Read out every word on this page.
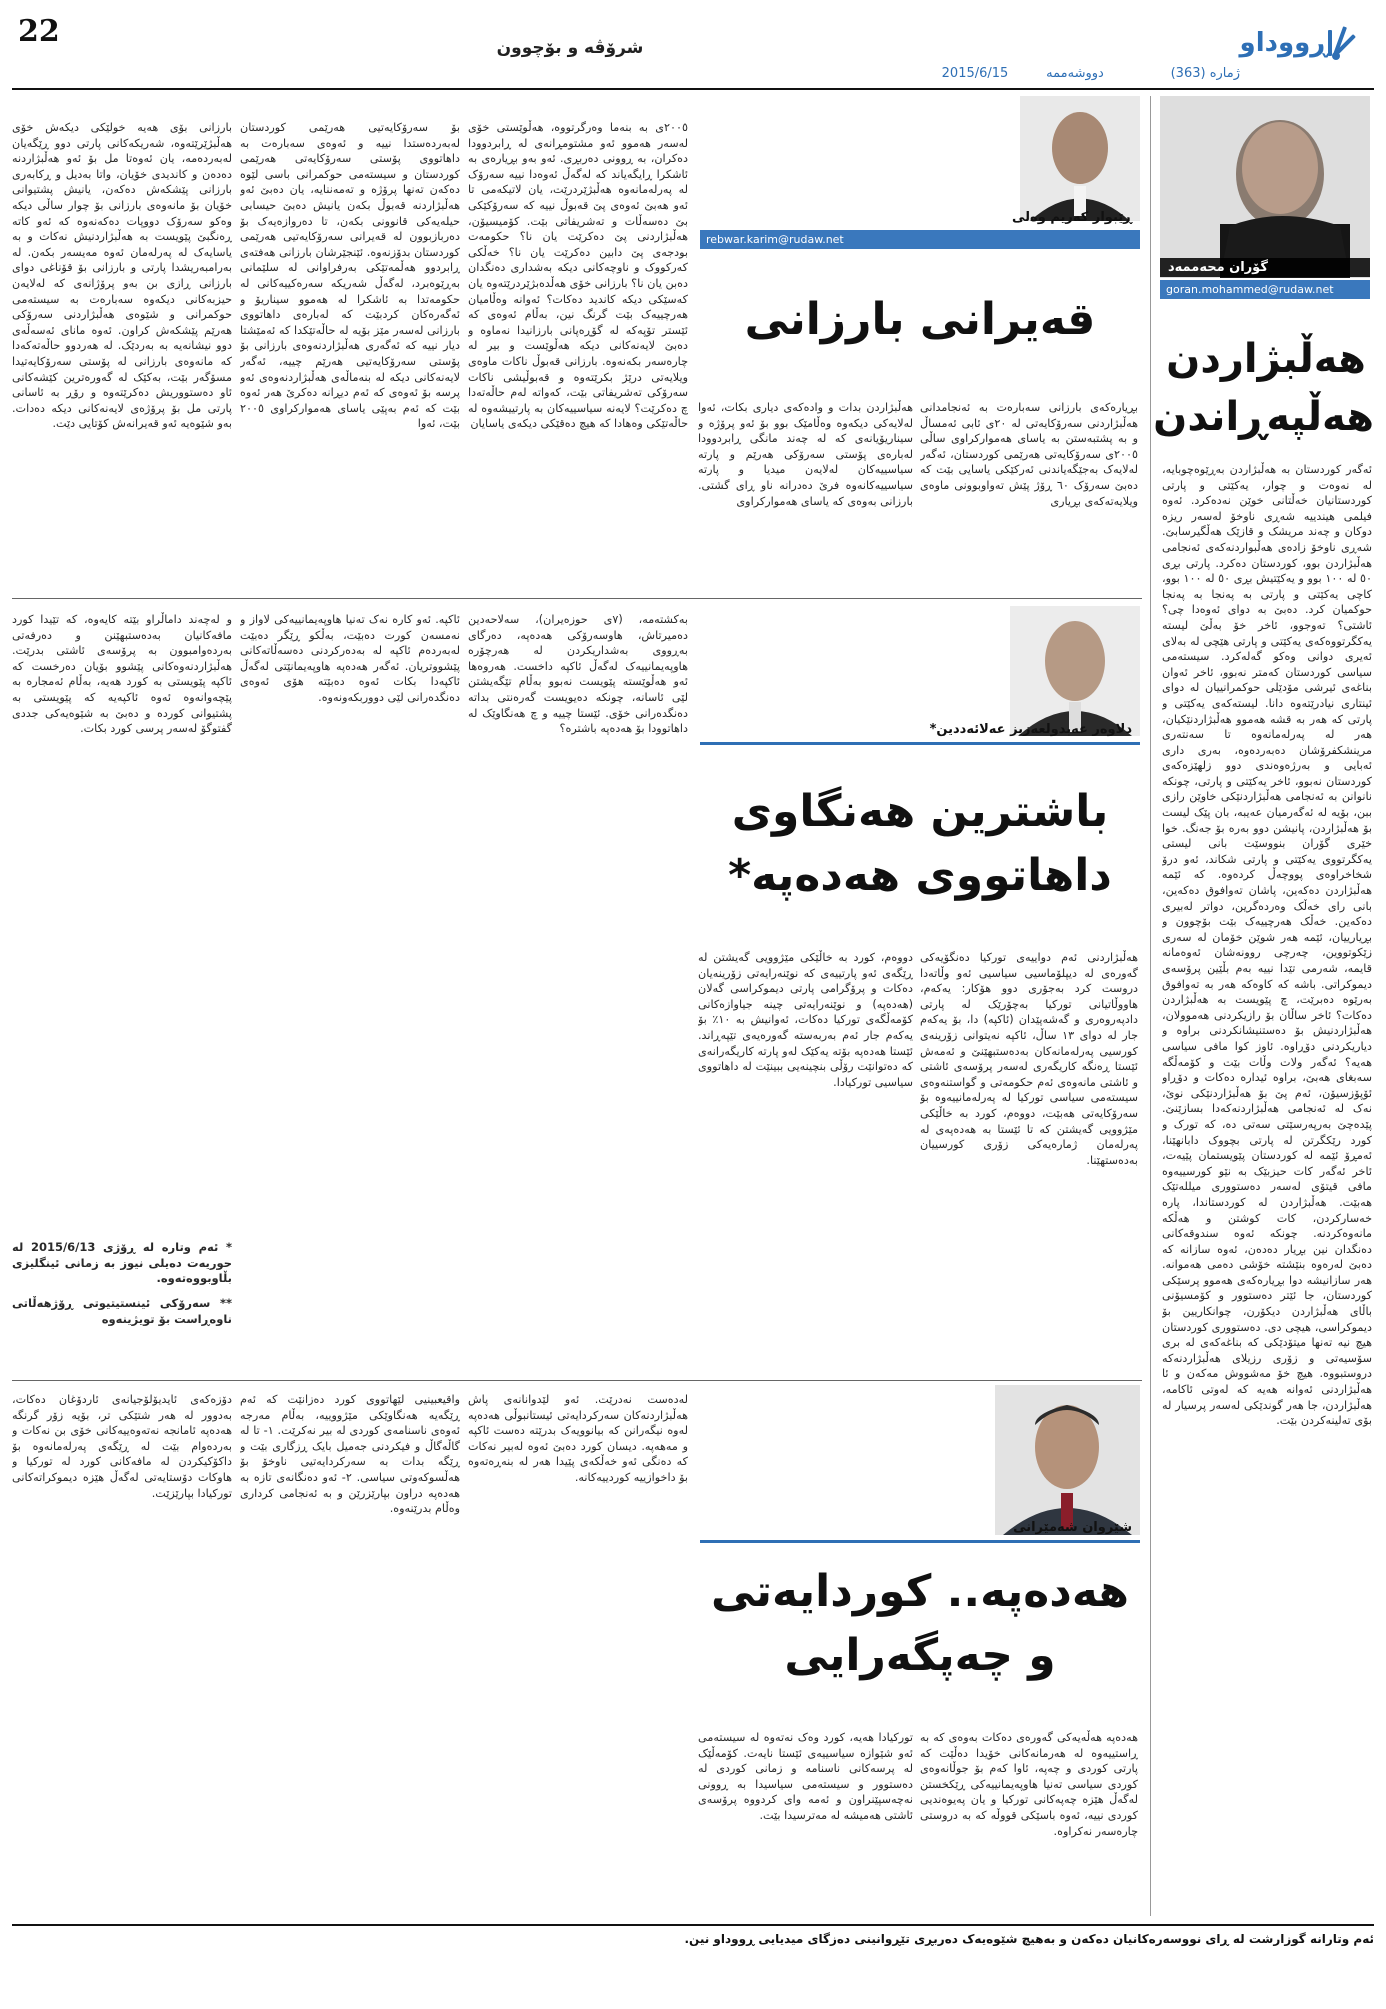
22	شرۆڤە و بۆچوون	ڕووداو
ژمارە (363)
دووشەممە
2015/6/15
گۆران محەممەد
goran.mohammed@rudaw.net
هەڵبژاردن
هەڵپەڕاندن
ئەگەر کوردستان بە هەڵبژاردن بەڕێوەچوبایە، لە نەوەت و چوار، یەکێتی و پارتی کوردستانیان خەڵتانی خوێن نەدەکرد. ئەوە فیلمی هیندییە شەڕی ناوخۆ لەسەر ریزە دوکان و چەند مریشک و قازێک هەڵگیرسابێ. شەڕی ناوخۆ زادەی هەڵبواردنەکەی ئەنجامی هەڵبژاردن بوو، کوردستان دەکرد. پارتی بڕی ٥٠ لە ١٠٠ بوو و یەکێتیش بڕی ٥٠ لە ١٠٠ بوو، کاچی یەکێتی و پارتی بە پەنجا بە پەنجا حوکمیان کرد. دەبێ بە دوای ئەوەدا چی؟ ئاشتی؟ تەوجوو، ئاخر خۆ بەڵێ لیستە یەکگرتووەکەی یەکێتی و پارتی هێچی لە بەلای ئەیری دوانی وەکو گەلەکرد. سیستەمی سیاسی کوردستان کەمتر نەبوو، ئاخر ئەوان بناغەی ئیرشی مۆدێلی حوکمرانییان لە دوای ئینتاری نیادرێتەوە دانا. لیستەکەی یەکێتی و پارتی کە هەر بە قشە هەموو هەڵبژاردنێکیان، هەر لە پەرلەمانەوە تا سەنتەری مرینشکفرۆشان دەبەردەوە، بەری داری ئەبایی و بەرژەوەندی دوو زلهێزەکەی کوردستان نەبوو، ئاخر یەکێتی و پارتی، چونکە نانوانن بە ئەنجامی هەڵبژاردنێکی خاوێن رازی ببن، بۆیە لە ئەگەرمیان عەیبە، بان پێک لیست بۆ هەڵبژاردن، پانیشن دوو بەرە بۆ جەنگ. خوا خێری گۆران بنووسێت بانی لیستی یەکگرتووی یەکێتی و پارتی شکاند، ئەو درۆ شخاخراوەی پووچەڵ کردەوە. کە ئێمە هەڵبژاردن دەکەین، پاشان تەوافوق دەکەین، بانی رای خەڵک وەردەگرین، دواتر لەبیری دەکەین. خەڵک هەرچییەک بێت بۆچوون و بڕیارییان، ئێمە هەر شوێن خۆمان لە سەری زێکوتووین، چەرچی روونەشان ئەوەمانە قایمە، شەرمی تێدا نییە بەم بڵێین پرۆسەی دیموکراتی. باشە کە کاوەکە هەر بە تەوافوق بەرێوە دەبرێت، چ پێویست بە هەڵبژاردن دەکات؟ ئاخر ساڵان بۆ رازیکردنی هەموولان، هەڵبژاردنیش بۆ دەستنیشانکردنی براوە و دیاریکردنی دۆڕاوە. ئاوز کوا مافی سیاسی هەیە؟ ئەگەر ولات وڵات بێت و کۆمەڵگە سەبغای هەبێ، براوە ئیدارە دەکات و دۆڕاو ئۆپۆزسیۆن، ئەم پێ بۆ هەڵبژاردنێکی نوێ، نەک لە ئەنجامی هەڵبژاردنەکەدا بسازێنێ. پێدەچێ بەرپەرسێتی سەتی دە، کە تورک و کورد رێکگرتن لە پارتی بچووک دابانهێنا، ئەمڕۆ ئێمە لە کوردستان پێویستمان پێیەت، ئاخر ئەگەر کات حیزبێک بە نێو کورسییەوە مافی قیتۆی لەسەر دەستووری میللەتێک هەبێت. هەڵبژاردن لە کوردستاندا، پارە خەسارکردن، کات کوشتن و هەڵکە مانەوەکردنە. چونکە ئەوە سندوقەکانی دەنگدان نین بڕیار دەدەن، ئەوە سازانە کە دەبێ لەرەوە بنێشتە خۆشی دەمی هەموانە. هەر سازانیشە دوا بڕیارەکەی هەموو پرسێکی کوردستان، جا ئێتر دەستوور و کۆمسیۆنی باڵای هەڵبژاردن دیکۆرن، چوانکاریین بۆ دیموکراسی، هیچی دی. دەستووری کوردستان هیچ نیە تەنها میتۆدێکی کە بناغەکەی لە بری سۆسیەتی و زۆری رزیلای هەڵبژاردنەکە دروستبووە. هیچ خۆ مەشووش مەکەن و ئا هەڵبژاردنی ئەوانە هەیە کە لەوتی ئاکامە، هەڵبژاردن، جا هەر گوندێکی لەسەر پرسیار لە بۆی تەلینەکردن بێت.
ڕێبوار کەریم وەلی
rebwar.karim@rudaw.net
قەیرانی بارزانی
بڕیارەکەی بارزانی سەبارەت بە ئەنجامدانی هەڵبژاردنی سەرۆکایەتی لە ٢٠ی ئابی ئەمساڵ و بە پشتبەستن بە یاسای هەموارکراوی ساڵی ٢٠٠٥ی سەرۆکایەتی هەرێمی کوردستان، ئەگەر لەلایەک بەجێگەیاندنی ئەرکێکی یاسایی بێت کە دەبێ سەرۆک ٦٠ ڕۆژ پێش تەواوبوونی ماوەی ویلایەتەکەی بڕیاری
هەڵبژاردن بدات و وادەکەی دیاری بکات، ئەوا لەلایەکی دیکەوە وەڵامێک بوو بۆ ئەو پرۆژە و سیناریۆیانەی کە لە چەند مانگی ڕابردوودا لەبارەی پۆستی سەرۆکی هەرێم و پارتە سیاسییەکان لەلایەن میدیا و پارتە سیاسییەکانەوە فرێ دەدرانە ناو ڕای گشتی. بارزانی بەوەی کە یاسای هەموارکراوی
٢٠٠٥ی بە بنەما وەرگرتووە، هەڵوێستی خۆی لەسەر هەموو ئەو مشتومڕانەی لە ڕابردوودا دەکران، بە ڕوونی دەربڕی. ئەو بەو بڕیارەی بە ئاشکرا ڕایگەیاند کە لەگەڵ ئەوەدا نییە سەرۆک لە پەرلەمانەوە هەڵبژێردرێت، یان لاتیکەمی تا ئەو هەبێ ئەوەی پێ قەبوڵ نییە کە سەرۆکێکی بێ دەسەڵات و تەشریفاتی بێت. کۆمیسیۆن، هەڵبژاردنی پێ دەکرێت یان نا؟ حکومەت بودجەی پێ دابین دەکرێت یان نا؟ خەڵکی کەرکووک و ناوچەکانی دیکە بەشداری دەنگدان دەبن یان نا؟ بارزانی خۆی هەڵدەبژێردرێتەوە یان کەسێکی دیکە کاندید دەکات؟ ئەوانە وەڵامیان هەرچییەک بێت گرنگ نین، بەڵام ئەوەی کە ئێستر تۆپەکە لە گۆڕەپانی بارزانیدا نەماوە و دەبێ لایەنەکانی دیکە هەڵوێست و بیر لە چارەسەر بکەنەوە. بارزانی قەبوڵ ناکات ماوەی ویلایەتی درێژ بکرێتەوە و قەبوڵیشی ناکات سەرۆکی تەشریفاتی بێت، کەواتە لەم حاڵەتەدا چ دەکرێت؟ لایەنە سیاسییەکان بە پارتییشەوە لە حاڵەتێکی وەهادا کە هیچ دەقێکی دیکەی یاسایان
بۆ سەرۆکایەتیی هەرێمی کوردستان لەبەردەستدا نییە و ئەوەی سەبارەت بە داهاتووی پۆستی سەرۆکایەتی هەرێمی کوردستان و سیستەمی حوکمرانی باسی لێوە دەکەن تەنها پرۆژە و تەمەننایە، یان دەبێ ئەو هەڵبژاردنە قەبوڵ بکەن یانیش دەبێ حیسابی حیلەیەکی قانوونی بکەن، تا دەروازەیەک بۆ دەربازبوون لە قەیرانی سەرۆکایەتیی هەرێمی کوردستان بدۆزنەوە. ئێنجێرشان بارزانی هەفتەی ڕابردوو هەڵمەتێکی بەرفراوانی لە سلێمانی بەڕێوەبرد، لەگەڵ شەریکە سەرەکییەکانی لە حکومەتدا بە ئاشکرا لە هەموو سیناریۆ و ئەگەرەکان کردبێت کە لەبارەی داهاتووی بارزانی لەسەر مێز بۆیە لە حاڵەتێکدا کە ئەمێشتا دیار نییە کە ئەگەری هەڵبژاردنەوەی بارزانی بۆ پۆستی سەرۆکایەتیی هەرێم چییە، ئەگەر لایەنەکانی دیکە لە بنەماڵەی هەڵبژاردنەوەی ئەو پرسە بۆ ئەوەی کە ئەم دیڕانە دەکرێ هەر ئەوە بێت کە ئەم بەپێی یاسای هەموارکراوی ٢٠٠٥ بێت، ئەوا
بارزانی بۆی هەیە خولێکی دیکەش خۆی هەڵبژێرێتەوە، شەریکەکانی پارتی دوو ڕێگەیان لەبەردەمە، یان ئەوەتا مل بۆ ئەو هەڵبژاردنە دەدەن و کاندیدی خۆیان، واتا بەدیل و ڕکابەری بارزانی پێشکەش دەکەن، یانیش پشتیوانی خۆیان بۆ مانەوەی بارزانی بۆ چوار ساڵی دیکە وەکو سەرۆک دووپات دەکەنەوە کە ئەو کاتە ڕەنگبێ پێویست بە هەڵبژاردنیش نەکات و بە یاسایەک لە پەرلەمان ئەوە مەیسەر بکەن. لە بەرامبەریشدا پارتی و بارزانی بۆ قۆناغی دوای بارزانی ڕازی بن بەو پرۆژانەی کە لەلایەن حیزبەکانی دیکەوە سەبارەت بە سیستەمی حوکمرانی و شێوەی هەڵبژاردنی سەرۆکی هەرێم پێشکەش کراون. ئەوە مانای ئەسەڵەی دوو نیشانەیە بە بەردێک. لە هەردوو حاڵەتەکەدا کە مانەوەی بارزانی لە پۆستی سەرۆکایەتیدا مسۆگەر بێت، بەکێک لە گەورەترین کێشەکانی ئاو دەستووریش دەکرێتەوە و رۆڕ بە ئاسانی پارتی مل بۆ پرۆژەی لایەنەکانی دیکە دەدات. بەو شێوەیە ئەو قەیرانەش کۆتایی دێت.
دلاوەر عەبدولعەزیز عەلائەددین*
باشترین هەنگاوی
داهاتووی هەدەپە*
هەڵبژاردنی ئەم دواییەی تورکیا دەنگۆیەکی گەورەی لە دیپلۆماسیی سیاسیی ئەو وڵاتەدا دروست کرد بەجۆری دوو هۆکار: یەکەم، هاووڵاتیانی تورکیا بەچۆرێک لە پارتی دادپەروەری و گەشەپێدان (ئاکپە) دا، بۆ یەکەم جار لە دوای ١٣ ساڵ، ئاکپە نەیتوانی زۆرینەی کورسیی پەرلەمانەکان بەدەستبهێنێ و ئەمەش ئێستا ڕەنگە کاریگەری لەسەر پرۆسەی ئاشتی و ئاشتی مانەوەی ئەم حکومەتی و گواستنەوەی سیستەمی سیاسی تورکیا لە پەرلەمانییەوە بۆ سەرۆکایەتی هەبێت، دووەم، کورد بە خاڵێکی مێژوویی گەیشتن کە تا ئێستا بە هەدەپەی لە پەرلەمان ژمارەیەکی زۆری کورسییان بەدەستهێنا.
دووەم، کورد بە خاڵێکی مێژوویی گەیشتن لە ڕێگەی ئەو پارتییەی کە نوێنەرایەتی زۆرینەیان دەکات و پرۆگرامی پارتی دیموکراسی گەلان (هەدەپە) و نوێنەرایەتی چینە جیاوازەکانی کۆمەڵگەی تورکیا دەکات، ئەوانیش بە ١٠٪ بۆ یەکەم جار ئەم بەربەستە گەورەیەی تێپەڕاند. ئێستا هەدەپە بۆتە یەکێک لەو پارتە کاریگەرانەی کە دەتوانێت رۆڵی بنچینەیی ببینێت لە داهاتووی سیاسیی تورکیادا.
بەکشتەمە، (٧ی حوزەیران)، سەلاحەدین دەمیرتاش، هاوسەرۆکی هەدەپە، دەرگای بەڕووی بەشداریکردن لە هەرچۆرە هاوپەیمانییەک لەگەڵ ئاکپە داخست. هەروەها ئەو هەڵوێستە پێویست نەبوو بەڵام تێگەیشتن لێی ئاسانە، چونکە دەیویست گەرەنتی بداتە دەنگدەرانی خۆی. ئێستا چییە و چ هەنگاوێک لە داهاتوودا بۆ هەدەپە باشترە؟
ئاکپە. ئەو کارە نەک تەنیا هاوپەیمانییەکی لاواز و نەمسەن کورت دەبێت، بەڵکو ڕێگر دەبێت لەبەردەم ئاکپە لە بەدەرکردنی دەسەڵاتەکانی پێشووتریان. ئەگەر هەدەپە هاوپەیمانێتی لەگەڵ ئاکپەدا بکات ئەوە دەبێتە هۆی ئەوەی دەنگدەرانی لێی دووربکەونەوە.
و لەچەند داماڵراو بێتە کایەوە، کە تێیدا کورد مافەکانیان بەدەستبهێنن و دەرفەتی بەردەوامبوون بە پرۆسەی ئاشتی بدرێت. هەڵبژاردنەوەکانی پێشوو بۆیان دەرخست کە ئاکپە پێویستی بە کورد هەیە، بەڵام ئەمجارە بە پێچەوانەوە ئەوە ئاکپەیە کە پێویستی بە پشتیوانی کوردە و دەبێ بە شێوەیەکی جددی گفتوگۆ لەسەر پرسی کورد بکات.
* ئەم وتارە لە ڕۆژی 2015/6/13 لە حوریەت دەیلی نیوز بە زمانی ئینگلیزی بڵاوبووەتەوە.
** سەرۆکی ئینستیتیوتی ڕۆژهەڵاتی ناوەڕاست بۆ تویژینەوە
شێروان شەمێرانی
هەدەپە.. کوردایەتی
و چەپگەرایی
هەدەپە هەڵەیەکی گەورەی دەکات بەوەی کە بە ڕاستییەوە لە هەرمانەکانی خۆیدا دەڵێت کە پارتی کوردی و چەپە، ئاوا کەم بۆ جوڵانەوەی کوردی سیاسی تەنیا هاوپەیمانییەکی ڕێکخستن لەگەڵ هێزە چەپەکانی تورکیا و یان پەیوەندیی کوردی نییە، ئەوە باسێکی قووڵە کە بە دروستی چارەسەر نەکراوە.
تورکیادا هەیە، کورد وەک نەتەوە لە سیستەمی ئەو شێوازە سیاسییەی ئێستا نایەت. کۆمەڵێک لە پرسەکانی ناسنامە و زمانی کوردی لە دەستوور و سیستەمی سیاسیدا بە ڕوونی نەچەسپێنراون و ئەمە وای کردووە پرۆسەی ئاشتی هەمیشە لە مەترسیدا بێت.
لەدەست نەدرێت. ئەو لێدوانانەی پاش هەڵبژاردنەکان سەرکردایەتی ئیستانبوڵی هەدەپە لەوە نیگەرانن کە بیانوویەک بدرێتە دەست ئاکپە و مەهەپە. دیسان کورد دەبێ ئەوە لەبیر نەکات کە دەنگی ئەو خەڵکەی پێیدا هەر لە بنەڕەتەوە بۆ داخوازییە کوردییەکانە.
واقیعبینیی لێهاتووی کورد دەزانێت کە ئەم ڕێگەیە هەنگاوێکی مێژووییە، بەڵام مەرجە ئەوەی ناسنامەی کوردی لە بیر نەکرێت. ١- تا لە گاڵەگاڵ و فیکردنی جەمیل بایک ڕزگاری بێت و ڕێگە بدات بە سەرکردایەتیی ناوخۆ بۆ هەڵسوکەوتی سیاسی. ٢- ئەو دەنگانەی تازە بە هەدەپە دراون بپارێزرێن و بە ئەنجامی کرداری وەڵام بدرێنەوە.
دۆزەکەی ئایدیۆلۆجیانەی ئاردۆغان دەکات، بەدوور لە هەر شتێکی تر، بۆیە زۆر گرنگە هەدەپە ئامانجە نەتەوەییەکانی خۆی بن نەکات و بەردەوام بێت لە ڕێگەی پەرلەمانەوە بۆ داکۆکیکردن لە مافەکانی کورد لە تورکیا و هاوکات دۆستایەتی لەگەڵ هێزە دیموکراتەکانی تورکیادا بپارێزێت.
ئەم وتارانە گوزارشت لە ڕای نووسەرەکانیان دەکەن و بەهیچ شێوەیەک دەربڕی تێڕوانینی دەزگای میدیایی ڕووداو نین.
